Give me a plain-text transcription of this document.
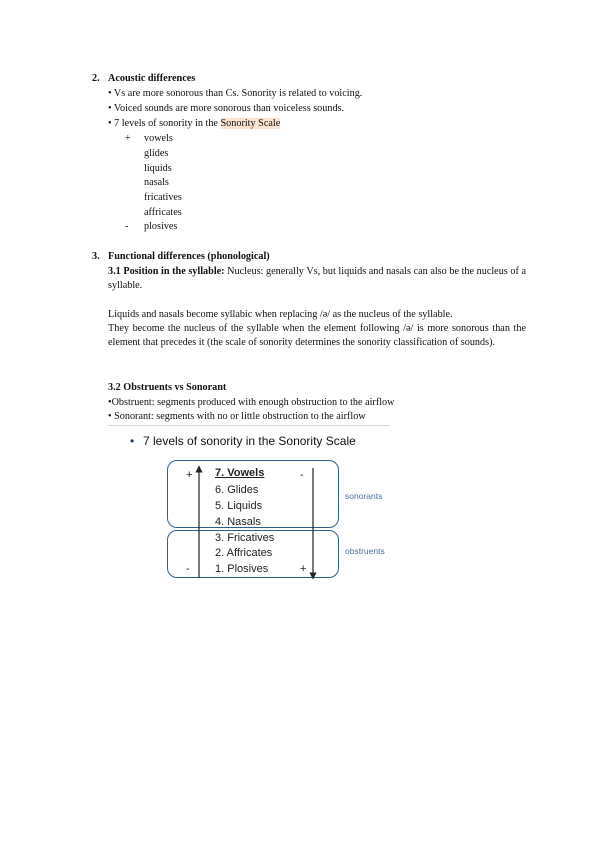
2. Acoustic differences
• Vs are more sonorous than Cs. Sonority is related to voicing.
• Voiced sounds are more sonorous than voiceless sounds.
• 7 levels of sonority in the Sonority Scale
+
-
vowels
glides
liquids
nasals
fricatives
affricates
plosives
3. Functional differences (phonological)
3.1 Position in the syllable: Nucleus: generally Vs, but liquids and nasals can also be the nucleus of a syllable.
Liquids and nasals become syllabic when replacing /ə/ as the nucleus of the syllable.
They become the nucleus of the syllable when the element following /ə/ is more sonorous than the element that precedes it (the scale of sonority determines the sonority classification of sounds).
3.2 Obstruents vs Sonorant
•Obstruent: segments produced with enough obstruction to the airflow
• Sonorant: segments with no or little obstruction to the airflow
• 7 levels of sonority in the Sonority Scale
+
-
-
+
7. Vowels
6. Glides
5. Liquids
4. Nasals
3. Fricatives
2. Affricates
1. Plosives
sonorants
obstruents
